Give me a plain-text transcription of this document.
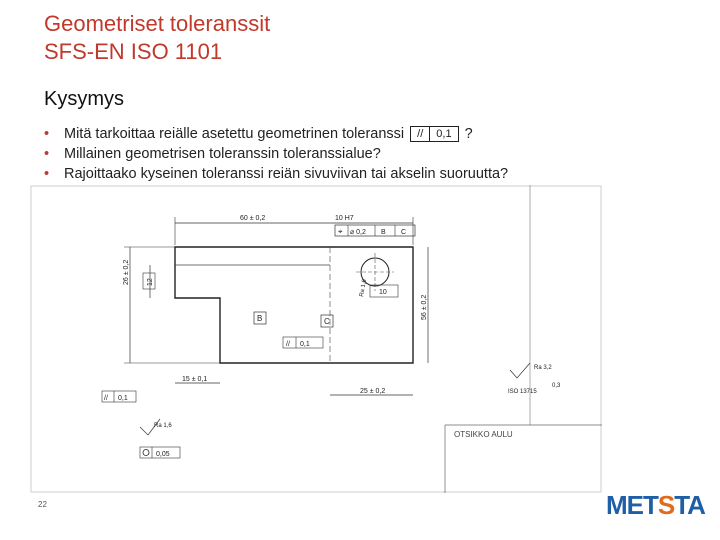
Geometriset toleranssit
SFS-EN ISO 1101
Kysymys
• Mitä tarkoittaa reiälle asetettu geometrinen toleranssi // 0,1 ?
• Millainen geometrisen toleranssin toleranssialue?
• Rajoittaako kyseinen toleranssi reiän sivuviivan tai akselin suoruutta?
60 ± 0,2	10 H7
⌖ ⌀ 0,2 B C
26 ± 0,2 12
10
Ra 1,6
56 ± 0,2
B	C
// 0,1
15 ± 0,1
25 ± 0,2
Ra 3,2
ISO 13715
0,3
// 0,1
Ra 1,6
0,05
OTSIKKO AULU
22	METSTA
